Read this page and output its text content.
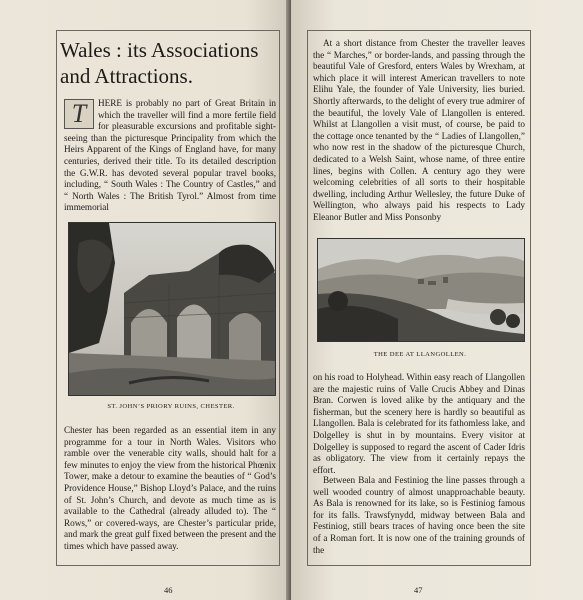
Wales : its Associations
and Attractions.

T	HERE is probably no part of Great Britain in which the traveller will find a more fertile field for pleasurable excursions and profitable sight-seeing than the picturesque Principality from which the Heirs Apparent of the Kings of England have, for many centuries, derived their title. To its detailed description the G.W.R. has devoted several popular travel books, including, “ South Wales : The Country of Castles,” and “ North Wales : The British Tyrol.” Almost from time immemorial

ST. JOHN’S PRIORY RUINS, CHESTER.

Chester has been regarded as an essential item in any programme for a tour in North Wales. Visitors who ramble over the venerable city walls, should halt for a few minutes to enjoy the view from the historical Phœnix Tower, make a detour to examine the beauties of “ God’s Providence House,” Bishop Lloyd’s Palace, and the ruins of St. John’s Church, and devote as much time as is available to the Cathedral (already alluded to). The “ Rows,” or covered-ways, are Chester’s particular pride, and mark the great gulf fixed between the present and the times which have passed away.

46

At a short distance from Chester the traveller leaves the “ Marches,” or border-lands, and passing through the beautiful Vale of Gresford, enters Wales by Wrexham, at which place it will interest American travellers to note Elihu Yale, the founder of Yale University, lies buried. Shortly afterwards, to the delight of every true admirer of the beautiful, the lovely Vale of Llangollen is entered. Whilst at Llangollen a visit must, of course, be paid to the cottage once tenanted by the “ Ladies of Llangollen,” who now rest in the shadow of the picturesque Church, dedicated to a Welsh Saint, whose name, of three entire lines, begins with Collen. A century ago they were welcoming celebrities of all sorts to their hospitable dwelling, including Arthur Wellesley, the future Duke of Wellington, who always paid his respects to Lady Eleanor Butler and Miss Ponsonby

THE DEE AT LLANGOLLEN.

on his road to Holyhead. Within easy reach of Llangollen are the majestic ruins of Valle Crucis Abbey and Dinas Bran. Corwen is loved alike by the antiquary and the fisherman, but the scenery here is hardly so beautiful as Llangollen. Bala is celebrated for its fathomless lake, and Dolgelley is shut in by mountains. Every visitor at Dolgelley is supposed to regard the ascent of Cader Idris as obligatory. The view from it certainly repays the effort.

Between Bala and Festiniog the line passes through a well wooded country of almost unapproachable beauty. As Bala is renowned for its lake, so is Festiniog famous for its falls. Trawsfynydd, midway between Bala and Festiniog, still bears traces of having once been the site of a Roman fort. It is now one of the training grounds of the

47
